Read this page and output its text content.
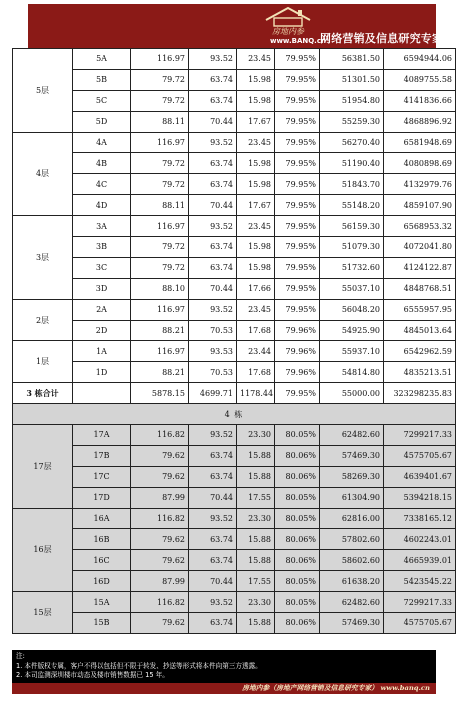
房地内参
www.BANQ.cn
网络营销及信息研究专家
5层	5A	116.97	93.52	23.45	79.95%	56381.50	6594944.06
	5B	79.72	63.74	15.98	79.95%	51301.50	4089755.58
	5C	79.72	63.74	15.98	79.95%	51954.80	4141836.66
	5D	88.11	70.44	17.67	79.95%	55259.30	4868896.92
4层	4A	116.97	93.52	23.45	79.95%	56270.40	6581948.69
	4B	79.72	63.74	15.98	79.95%	51190.40	4080898.69
	4C	79.72	63.74	15.98	79.95%	51843.70	4132979.76
	4D	88.11	70.44	17.67	79.95%	55148.20	4859107.90
3层	3A	116.97	93.52	23.45	79.95%	56159.30	6568953.32
	3B	79.72	63.74	15.98	79.95%	51079.30	4072041.80
	3C	79.72	63.74	15.98	79.95%	51732.60	4124122.87
	3D	88.10	70.44	17.66	79.95%	55037.10	4848768.51
2层	2A	116.97	93.52	23.45	79.95%	56048.20	6555957.95
	2D	88.21	70.53	17.68	79.96%	54925.90	4845013.64
1层	1A	116.97	93.53	23.44	79.96%	55937.10	6542962.59
	1D	88.21	70.53	17.68	79.96%	54814.80	4835213.51
3 栋合计		5878.15	4699.71	1178.44	79.95%	55000.00	323298235.83
4 栋							
17层	17A	116.82	93.52	23.30	80.05%	62482.60	7299217.33
	17B	79.62	63.74	15.88	80.06%	57469.30	4575705.67
	17C	79.62	63.74	15.88	80.06%	58269.30	4639401.67
	17D	87.99	70.44	17.55	80.05%	61304.90	5394218.15
16层	16A	116.82	93.52	23.30	80.05%	62816.00	7338165.12
	16B	79.62	63.74	15.88	80.06%	57802.60	4602243.01
	16C	79.62	63.74	15.88	80.06%	58602.60	4665939.01
	16D	87.99	70.44	17.55	80.05%	61638.20	5423545.22
15层	15A	116.82	93.52	23.30	80.05%	62482.60	7299217.33
	15B	79.62	63.74	15.88	80.06%	57469.30	4575705.67
注:
1. 本件版权专属，客户不得以包括但不限于转发、抄送等形式将本件向第三方透露。
2. 本司监测深圳楼市动态及楼市销售数据已 15 年。
房地内参（房地产网络营销及信息研究专家） www.banq.cn
